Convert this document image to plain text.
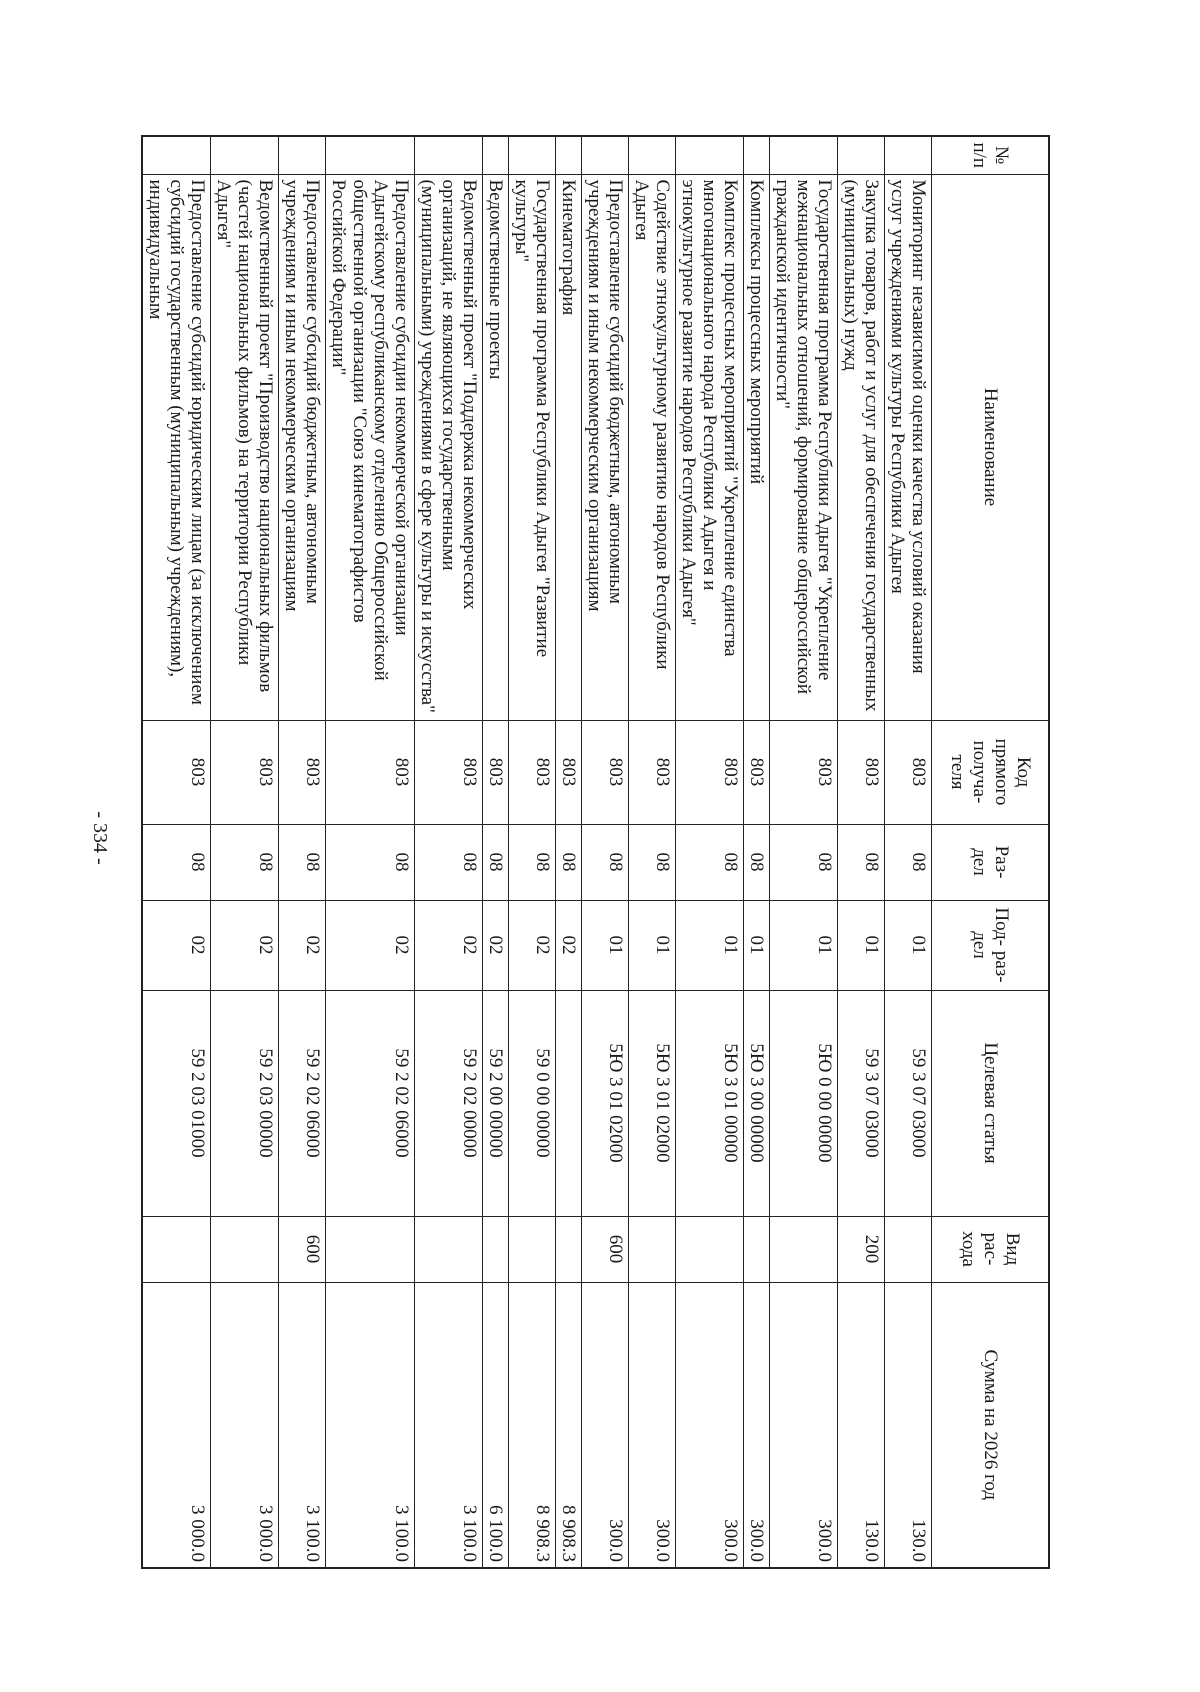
- 334 -
№ п/п	Наименование	Код прямого получа- теля	Раз- дел	Под- раз- дел	Целевая статья	Вид рас- хода	Сумма на 2026 год
	Мониторинг независимой оценки качества условий оказания услуг учреждениями культуры Республики Адыгея	803	08	01	59 3 07 03000		130.0
	Закупка товаров, работ и услуг для обеспечения государственных (муниципальных) нужд	803	08	01	59 3 07 03000	200	130.0
	Государственная программа Республики Адыгея "Укрепление межнациональных отношений, формирование общероссийской гражданской идентичности"	803	08	01	5Ю 0 00 00000		300.0
	Комплексы процессных мероприятий	803	08	01	5Ю 3 00 00000		300.0
	Комплекс процессных мероприятий "Укрепление единства многонационального народа Республики Адыгея и этнокультурное развитие народов Республики Адыгея"	803	08	01	5Ю 3 01 00000		300.0
	Содействие этнокультурному развитию народов Республики Адыгея	803	08	01	5Ю 3 01 02000		300.0
	Предоставление субсидий бюджетным, автономным учреждениям и иным некоммерческим организациям	803	08	01	5Ю 3 01 02000	600	300.0
	Кинематография	803	08	02			8 908.3
	Государственная программа Республики Адыгея "Развитие культуры"	803	08	02	59 0 00 00000		8 908.3
	Ведомственные проекты	803	08	02	59 2 00 00000		6 100.0
	Ведомственный проект "Поддержка некоммерческих организаций, не являющихся государственными (муниципальными) учреждениями в сфере культуры и искусства"	803	08	02	59 2 02 00000		3 100.0
	Предоставление субсидии некоммерческой организации Адыгейскому республиканскому отделению Общероссийской общественной организации "Союз кинематографистов Российской Федерации"	803	08	02	59 2 02 06000		3 100.0
	Предоставление субсидий бюджетным, автономным учреждениям и иным некоммерческим организациям	803	08	02	59 2 02 06000	600	3 100.0
	Ведомственный проект "Производство национальных фильмов (частей национальных фильмов) на территории Республики Адыгея"	803	08	02	59 2 03 00000		3 000.0
	Предоставление субсидий юридическим лицам (за исключением субсидий государственным (муниципальным) учреждениям), индивидуальным	803	08	02	59 2 03 01000		3 000.0
